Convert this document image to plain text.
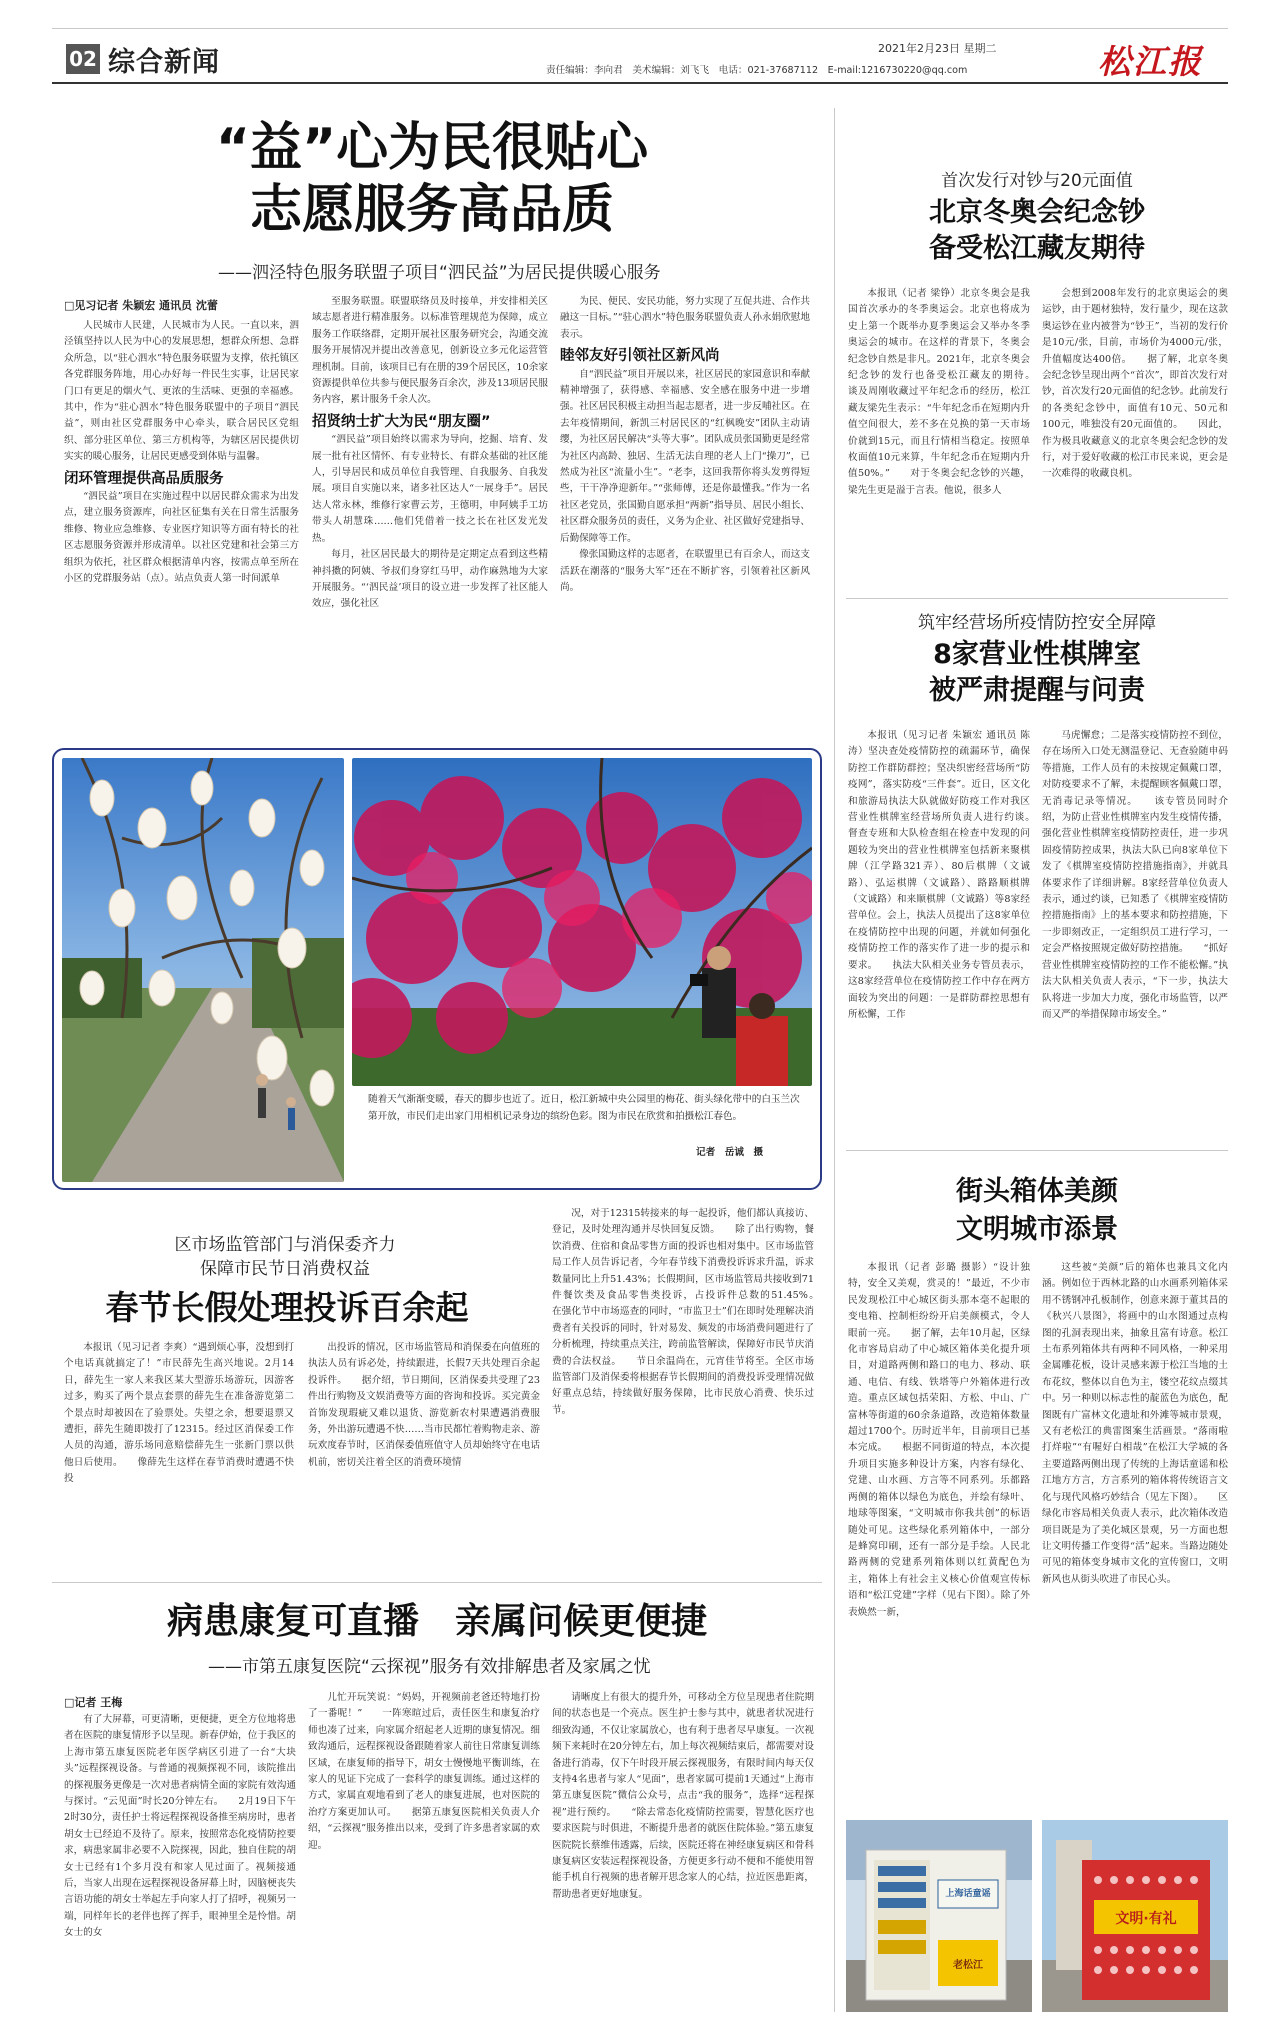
02 综合新闻	2021年2月23日 星期二
责任编辑：李向君　美术编辑：刘飞飞　电话：021-37687112　E-mail:1216730220@qq.com	松江报
“益”心为民很贴心
志愿服务高品质
——泗泾特色服务联盟子项目“泗民益”为居民提供暖心服务
□见习记者 朱颖宏 通讯员 沈蕾

人民城市人民建，人民城市为人民。一直以来，泗泾镇坚持以人民为中心的发展思想，想群众所想、急群众所急，以“驻心泗水”特色服务联盟为支撑，依托镇区各党群服务阵地，用心办好每一件民生实事，让居民家门口有更足的烟火气、更浓的生活味、更强的幸福感。其中，作为“驻心泗水”特色服务联盟中的子项目“泗民益”，则由社区党群服务中心牵头，联合居民区党组织、部分驻区单位、第三方机构等，为辖区居民提供切实实的暖心服务，让居民更感受到体贴与温馨。

闭环管理提供高品质服务

“泗民益”项目在实施过程中以居民群众需求为出发点，建立服务资源库，向社区征集有关在日常生活服务维修、物业应急维修、专业医疗知识等方面有特长的社区志愿服务资源并形成清单。以社区党建和社会第三方组织为依托，社区群众根据清单内容，按需点单至所在小区的党群服务站（点）。站点负责人第一时间派单

至服务联盟。联盟联络员及时接单，并安排相关区域志愿者进行精准服务。以标准管理规范为保障，成立服务工作联络群，定期开展社区服务研究会，沟通交流服务开展情况并提出改善意见，创新设立多元化运营管理机制。目前，该项目已有在册的39个居民区，10余家资源提供单位共参与便民服务百余次，涉及13项居民服务内容，累计服务千余人次。

招贤纳士扩大为民“朋友圈”

“泗民益”项目始终以需求为导向，挖掘、培育、发展一批有社区情怀、有专业特长、有群众基础的社区能人，引导居民和成员单位自我管理、自我服务、自我发展。项目自实施以来，诸多社区达人“一展身手”。居民达人常永林，维修行家曹云芳，王德明，申阿姨手工坊带头人胡慧珠……他们凭借着一技之长在社区发光发热。

每月，社区居民最大的期待是定期定点看到这些精神抖擞的阿姨、爷叔们身穿红马甲，动作麻熟地为大家开展服务。“‘泗民益’项目的设立进一步发挥了社区能人效应，强化社区

为民、便民、安民功能，努力实现了互促共进、合作共融这一目标。”“驻心泗水”特色服务联盟负责人孙永娟欣慰地表示。

睦邻友好引领社区新风尚

自“泗民益”项目开展以来，社区居民的家园意识和奉献精神增强了，获得感、幸福感、安全感在服务中进一步增强。社区居民积极主动担当起志愿者，进一步反哺社区。在去年疫情期间，新凯三村居民区的“红枫晚安”团队主动请缨，为社区居民解决“头等大事”。团队成员张国勤更是经常为社区内高龄、独居、生活无法自理的老人上门“操刀”，已然成为社区“流量小生”。“老李，这回我帮你将头发剪得短些，干干净净迎新年。”“张师傅，还是你最懂我。”作为一名社区老党员，张国勤自愿承担“两新”指导员、居民小组长、社区群众服务员的责任，义务为企业、社区做好党建指导、后勤保障等工作。

像张国勤这样的志愿者，在联盟里已有百余人，而这支活跃在潮落的“服务大军”还在不断扩容，引领着社区新风尚。

随着天气渐渐变暖，春天的脚步也近了。近日，松江新城中央公园里的梅花、街头绿化带中的白玉兰次第开放，市民们走出家门用相机记录身边的缤纷色彩。图为市民在欣赏和拍摄松江春色。
记者　岳诚　摄
区市场监管部门与消保委齐力
保障市民节日消费权益
春节长假处理投诉百余起
本报讯（见习记者 李爽）“遇到烦心事，没想到打个电话真就搞定了！”市民薛先生高兴地说。2月14日，薛先生一家人来我区某大型游乐场游玩，因游客过多，购买了两个景点套票的薛先生在准备游览第二个景点时却被因在了验票处。失望之余，想要退票又遭拒，薛先生随即拨打了12315。经过区消保委工作人员的沟通，游乐场同意赔偿薛先生一张新门票以供他日后使用。　　像薛先生这样在春节消费时遭遇不快投
出投诉的情况，区市场监管局和消保委在向值班的执法人员有诉必处，持续跟进，长假7天共处理百余起投诉件。　　据介绍，节日期间，区消保委共受理了23件出行购物及文娱消费等方面的咨询和投诉。买完黄金首饰发现瑕疵又难以退货、游览新农村果遭遇消费服务，外出游玩遭遇不快……当市民都忙着购物走亲、游玩欢度春节时，区消保委值班值守人员却始终守在电话机前，密切关注着全区的消费环境情
况，对于12315转接来的每一起投诉，他们都认真接访、登记，及时处理沟通并尽快回复反馈。　　除了出行购物，餐饮消费、住宿和食品零售方面的投诉也相对集中。区市场监管局工作人员告诉记者，今年春节线下消费投诉诉求升温，诉求数量同比上升51.43%；长假期间，区市场监管局共接收到71件餐饮类及食品零售类投诉，占投诉件总数的51.45%。　　在强化节中市场巡查的同时，“市监卫士”们在即时处理解决消费者有关投诉的同时，针对易发、频发的市场消费问题进行了分析梳理，持续重点关注，跨前监管解读，保障好市民节庆消费的合法权益。　　节日余温尚在，元宵佳节将至。全区市场监管部门及消保委将根据春节长假期间的消费投诉受理情况做好重点总结，持续做好服务保障，比市民放心消费、快乐过节。
病患康复可直播　亲属问候更便捷
——市第五康复医院“云探视”服务有效排解患者及家属之忧
□记者 王梅
有了大屏幕，可更清晰，更便捷，更全方位地将患者在医院的康复情形予以呈现。新春伊始，位于我区的上海市第五康复医院老年医学病区引进了一台“大块头”远程探视设备。与普通的视频探视不同，该院推出的探视服务更像是一次对患者病情全面的家院有效沟通与探讨。“云见面”时长20分钟左右。　　2月19日下午2时30分，责任护士将远程探视设备推至病房时，患者胡女士已经迫不及待了。原来，按照常态化疫情防控要求，病患家属非必要不入院探视，因此，独自住院的胡女士已经有1个多月没有和家人见过面了。视频接通后，当家人出现在远程探视设备屏幕上时，因脑梗丧失言语功能的胡女士举起左手向家人打了招呼，视频另一端，同样年长的老伴也挥了挥手，眼神里全是怜惜。胡女士的女
儿忙开玩笑说：“妈妈，开视频前老爸还特地打扮了一番呢！”　　一阵寒暄过后，责任医生和康复治疗师也凑了过来，向家属介绍起老人近期的康复情况。细致沟通后，远程探视设备跟随着家人前往日常康复训练区域，在康复师的指导下，胡女士慢慢地平衡训练，在家人的见证下完成了一套科学的康复训练。通过这样的方式，家属直观地看到了老人的康复进展，也对医院的治疗方案更加认可。　　据第五康复医院相关负责人介绍，“云探视”服务推出以来，受到了许多患者家属的欢迎。
请晰度上有很大的提升外，可移动全方位呈现患者住院期间的状态也是一个亮点。医生护士参与其中，就患者状况进行细致沟通，不仅让家属放心，也有利于患者尽早康复。一次视频下来耗时在20分钟左右，加上每次视频结束后，都需要对设备进行消毒，仅下午时段开展云探视服务，有限时间内每天仅支持4名患者与家人“见面”，患者家属可提前1天通过“上海市第五康复医院”微信公众号，点击“我的服务”，选择“远程探视”进行预约。　　“除去常态化疫情防控需要，智慧化医疗也要求医院与时俱进，不断提升患者的就医住院体验。”第五康复医院院长蔡维伟透露，后续，医院还将在神经康复病区和骨科康复病区安装远程探视设备，方便更多行动不便和不能使用智能手机自行视频的患者解开思念家人的心结，拉近医患距离，帮助患者更好地康复。
首次发行对钞与20元面值
北京冬奥会纪念钞
备受松江藏友期待
本报讯（记者 梁铮）北京冬奥会是我国首次承办的冬季奥运会。北京也将成为史上第一个既举办夏季奥运会又举办冬季奥运会的城市。在这样的背景下，冬奥会纪念钞自然是非凡。2021年，北京冬奥会纪念钞的发行也备受松江藏友的期待。　　谈及周刚收藏过平年纪念币的经历，松江藏友梁先生表示：“牛年纪念币在短期内升值空间很大，差不多在兑换的第一天市场价就到15元，而且行情相当稳定。按照单枚面值10元来算，牛年纪念币在短期内升值50%。”　　对于冬奥会纪念钞的兴趣，梁先生更是溢于言表。他说，很多人
会想到2008年发行的北京奥运会的奥运钞，由于题材独特，发行量少，现在这款奥运钞在业内被誉为“钞王”，当初的发行价是10元/张，目前，市场价为4000元/张，升值幅度达400倍。　　据了解，北京冬奥会纪念钞呈现出两个“首次”，即首次发行对钞，首次发行20元面值的纪念钞。此前发行的各类纪念钞中，面值有10元、50元和100元，唯独没有20元面值的。　　因此，作为极具收藏意义的北京冬奥会纪念钞的发行，对于爱好收藏的松江市民来说，更会是一次难得的收藏良机。
筑牢经营场所疫情防控安全屏障
8家营业性棋牌室
被严肃提醒与问责
本报讯（见习记者 朱颖宏 通讯员 陈涛）坚决查处疫情防控的疏漏环节，确保防控工作群防群控；坚决织密经营场所“防疫网”，落实防疫“三件套”。近日，区文化和旅游局执法大队就做好防疫工作对我区营业性棋牌室经营场所负责人进行约谈。　　督查专班和大队检查组在检查中发现的问题较为突出的营业性棋牌室包括新来聚棋牌（江学路321弄）、80后棋牌（文诚路）、弘运棋牌（文诚路）、路路顺棋牌（文诚路）和来顺棋牌（文诚路）等8家经营单位。会上，执法人员提出了这8家单位在疫情防控中出现的问题，并就如何强化疫情防控工作的落实作了进一步的提示和要求。　　执法大队相关业务专管员表示，这8家经营单位在疫情防控工作中存在两方面较为突出的问题：一是群防群控思想有所松懈，工作
马虎懈怠；二是落实疫情防控不到位，存在场所入口处无测温登记、无查验随申码等措施，工作人员有的未按规定佩戴口罩，对防疫要求不了解，未提醒顾客佩戴口罩，无消毒记录等情况。　　该专管员同时介绍，为防止营业性棋牌室内发生疫情传播，强化营业性棋牌室疫情防控责任，进一步巩固疫情防控成果，执法大队已向8家单位下发了《棋牌室疫情防控措施指南》，并就具体要求作了详细讲解。8家经营单位负责人表示，通过约谈，已知悉了《棋牌室疫情防控措施指南》上的基本要求和防控措施，下一步即刻改正，一定组织员工进行学习，一定会严格按照规定做好防控措施。　　“抓好营业性棋牌室疫情防控的工作不能松懈。”执法大队相关负责人表示，“下一步，执法大队将进一步加大力度，强化市场监管，以严而又严的举措保障市场安全。”
街头箱体美颜
文明城市添景
本报讯（记者 彭璐 摄影）“设计独特，安全又美观，赏灵的！”最近，不少市民发现松江中心城区街头那本毫不起眼的变电箱、控制柜纷纷开启美颜模式，令人眼前一亮。　　据了解，去年10月起，区绿化市容局启动了中心城区箱体美化提升项目，对道路两侧和路口的电力、移动、联通、电信、有线、铁塔等户外箱体进行改造。重点区域包括荣阳、方松、中山、广富林等街道的60余条道路，改造箱体数量超过1700个。历时近半年，目前项目已基本完成。　　根据不同街道的特点，本次提升项目实施多种设计方案，内容有绿化、党建、山水画、方言等不同系列。乐都路两侧的箱体以绿色为底色，并绘有绿叶、地球等图案，“文明城市你我共创”的标语随处可见。这些绿化系列箱体中，一部分是蜂窝印刷，还有一部分是手绘。人民北路两侧的党建系列箱体则以红黄配色为主，箱体上有社会主义核心价值观宣传标语和“松江党建”字样（见右下图）。除了外表焕然一新，
这些被“美颜”后的箱体也兼具文化内涵。例如位于西林北路的山水画系列箱体采用不锈钢冲孔板制作，创意来源于董其昌的《秋兴八景图》，将画中的山水图通过点构图的孔洞表现出来，抽象且富有诗意。松江土布系列箱体共有两种不同风格，一种采用金属雕花板，设计灵感来源于松江当地的土布花纹，整体以自色为主，镂空花纹点缀其中。另一种则以标志性的靛蓝色为底色，配图既有广富林文化遗址和外滩等城市景观，又有老松江的典雷图案生活画景。“落雨啦打烊啦”“有喔好白相哉”在松江大学城的各主要道路两侧出现了传统的上海话童谣和松江地方方言，方言系列的箱体将传统语言文化与现代风格巧妙结合（见左下图）。　　区绿化市容局相关负责人表示，此次箱体改造项目既是为了美化城区景观，另一方面也想让文明传播工作变得“活”起来。当路边随处可见的箱体变身城市文化的宣传窗口，文明新风也从街头吹进了市民心头。
上海话童谣
老松江
文明·有礼
